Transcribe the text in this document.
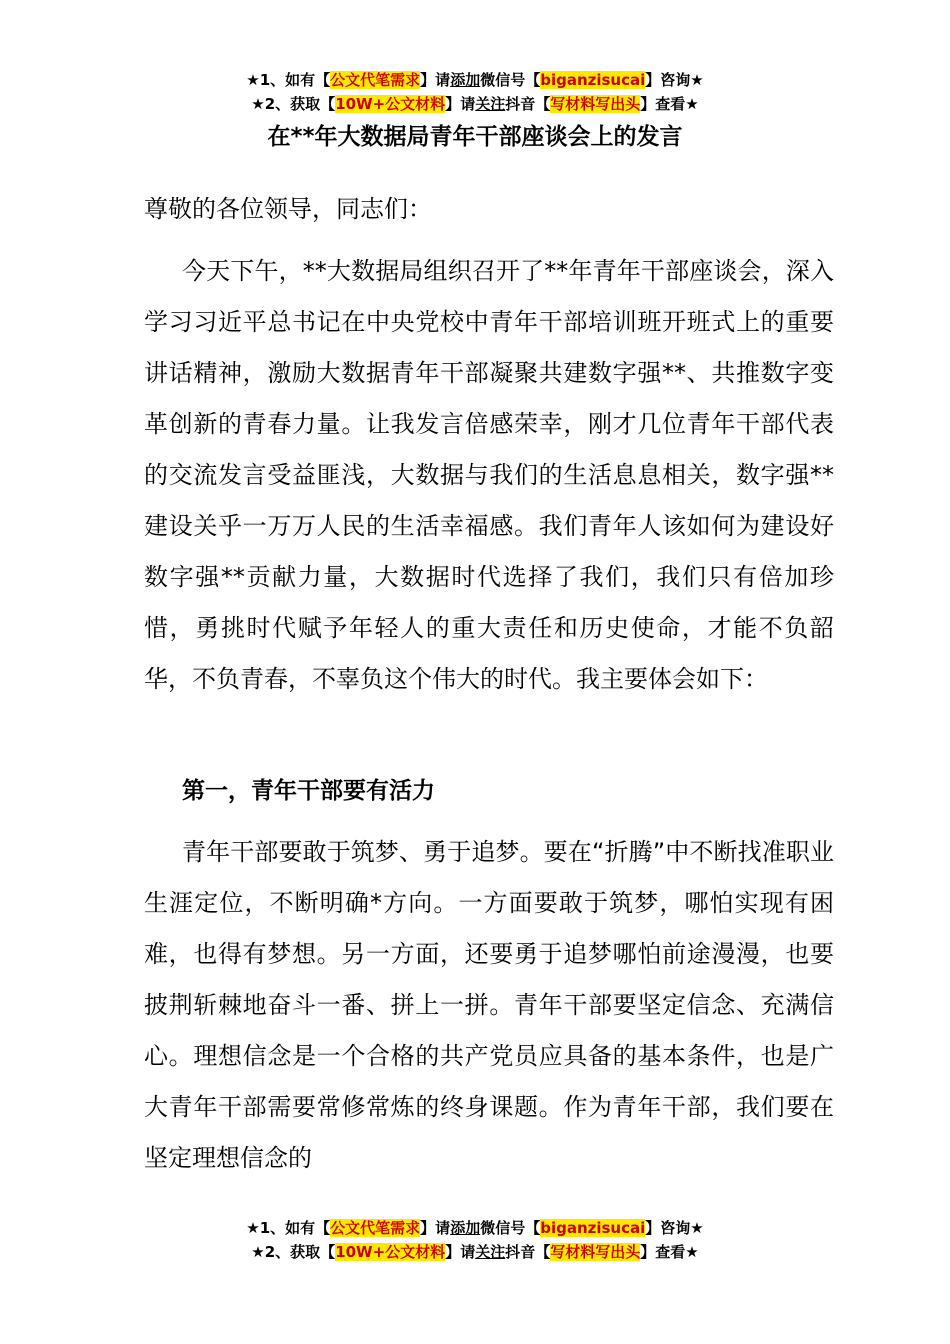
★1、如有【公文代笔需求】请添加微信号【biganzisucai】咨询★
★2、获取【10W+公文材料】请关注抖音【写材料写出头】查看★
在**年大数据局青年干部座谈会上的发言
尊敬的各位领导，同志们：

今天下午，**大数据局组织召开了**年青年干部座谈会，深入学习习近平总书记在中央党校中青年干部培训班开班式上的重要讲话精神，激励大数据青年干部凝聚共建数字强**、共推数字变革创新的青春力量。让我发言倍感荣幸，刚才几位青年干部代表的交流发言受益匪浅，大数据与我们的生活息息相关，数字强**建设关乎一万万人民的生活幸福感。我们青年人该如何为建设好数字强**贡献力量，大数据时代选择了我们，我们只有倍加珍惜，勇挑时代赋予年轻人的重大责任和历史使命，才能不负韶华，不负青春，不辜负这个伟大的时代。我主要体会如下：

第一，青年干部要有活力

青年干部要敢于筑梦、勇于追梦。要在“折腾”中不断找准职业生涯定位，不断明确*方向。一方面要敢于筑梦，哪怕实现有困难，也得有梦想。另一方面，还要勇于追梦哪怕前途漫漫，也要披荆斩棘地奋斗一番、拼上一拼。青年干部要坚定信念、充满信心。理想信念是一个合格的共产党员应具备的基本条件，也是广大青年干部需要常修常炼的终身课题。作为青年干部，我们要在坚定理想信念的

★1、如有【公文代笔需求】请添加微信号【biganzisucai】咨询★
★2、获取【10W+公文材料】请关注抖音【写材料写出头】查看★
